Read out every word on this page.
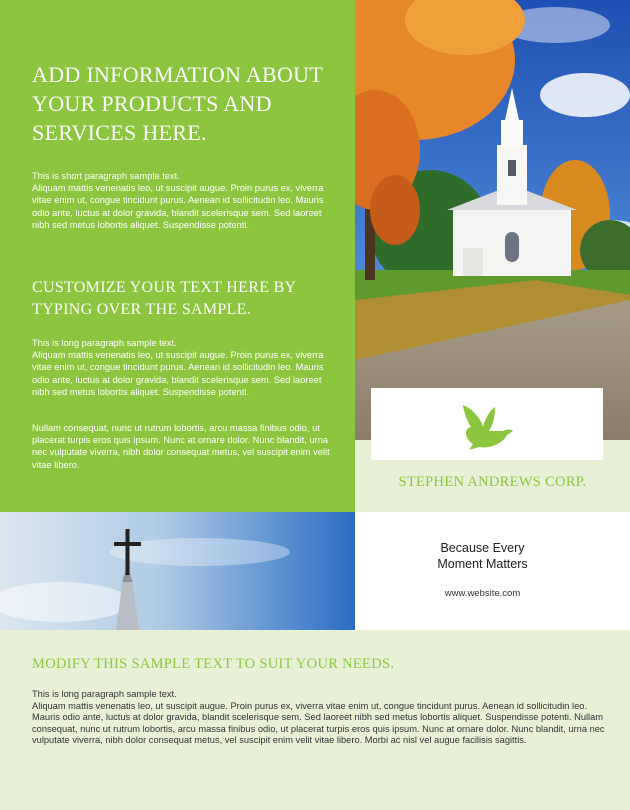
ADD INFORMATION ABOUT YOUR PRODUCTS AND SERVICES HERE.
This is short paragraph sample text.
Aliquam mattis venenatis leo, ut suscipit augue. Proin purus ex, viverra vitae enim ut, congue tincidunt purus. Aenean id sollicitudin leo. Mauris odio ante, luctus at dolor gravida, blandit scelerisque sem. Sed laoreet nibh sed metus lobortis aliquet. Suspendisse potenti.
CUSTOMIZE YOUR TEXT HERE BY TYPING OVER THE SAMPLE.
This is long paragraph sample text.
Aliquam mattis venenatis leo, ut suscipit augue. Proin purus ex, viverra vitae enim ut, congue tincidunt purus. Aenean id sollicitudin leo. Mauris odio ante, luctus at dolor gravida, blandit scelerisque sem. Sed laoreet nibh sed metus lobortis aliquet. Suspendisse potenti.
Nullam consequat, nunc ut rutrum lobortis, arcu massa finibus odio, ut placerat turpis eros quis ipsum. Nunc at ornare dolor. Nunc blandit, urna nec vulputate viverra, nibh dolor consequat metus, vel suscipit enim velit vitae libero.
STEPHEN ANDREWS CORP.
Because Every
Moment Matters
www.website.com
MODIFY THIS SAMPLE TEXT TO SUIT YOUR NEEDS.
This is long paragraph sample text.
Aliquam mattis venenatis leo, ut suscipit augue. Proin purus ex, viverra vitae enim ut, congue tincidunt purus. Aenean id sollicitudin leo. Mauris odio ante, luctus at dolor gravida, blandit scelerisque sem. Sed laoreet nibh sed metus lobortis aliquet. Suspendisse potenti. Nullam consequat, nunc ut rutrum lobortis, arcu massa finibus odio, ut placerat turpis eros quis ipsum. Nunc at ornare dolor. Nunc blandit, urna nec vulputate viverra, nibh dolor consequat metus, vel suscipit enim velit vitae libero. Morbi ac nisl vel augue facilisis sagittis.
